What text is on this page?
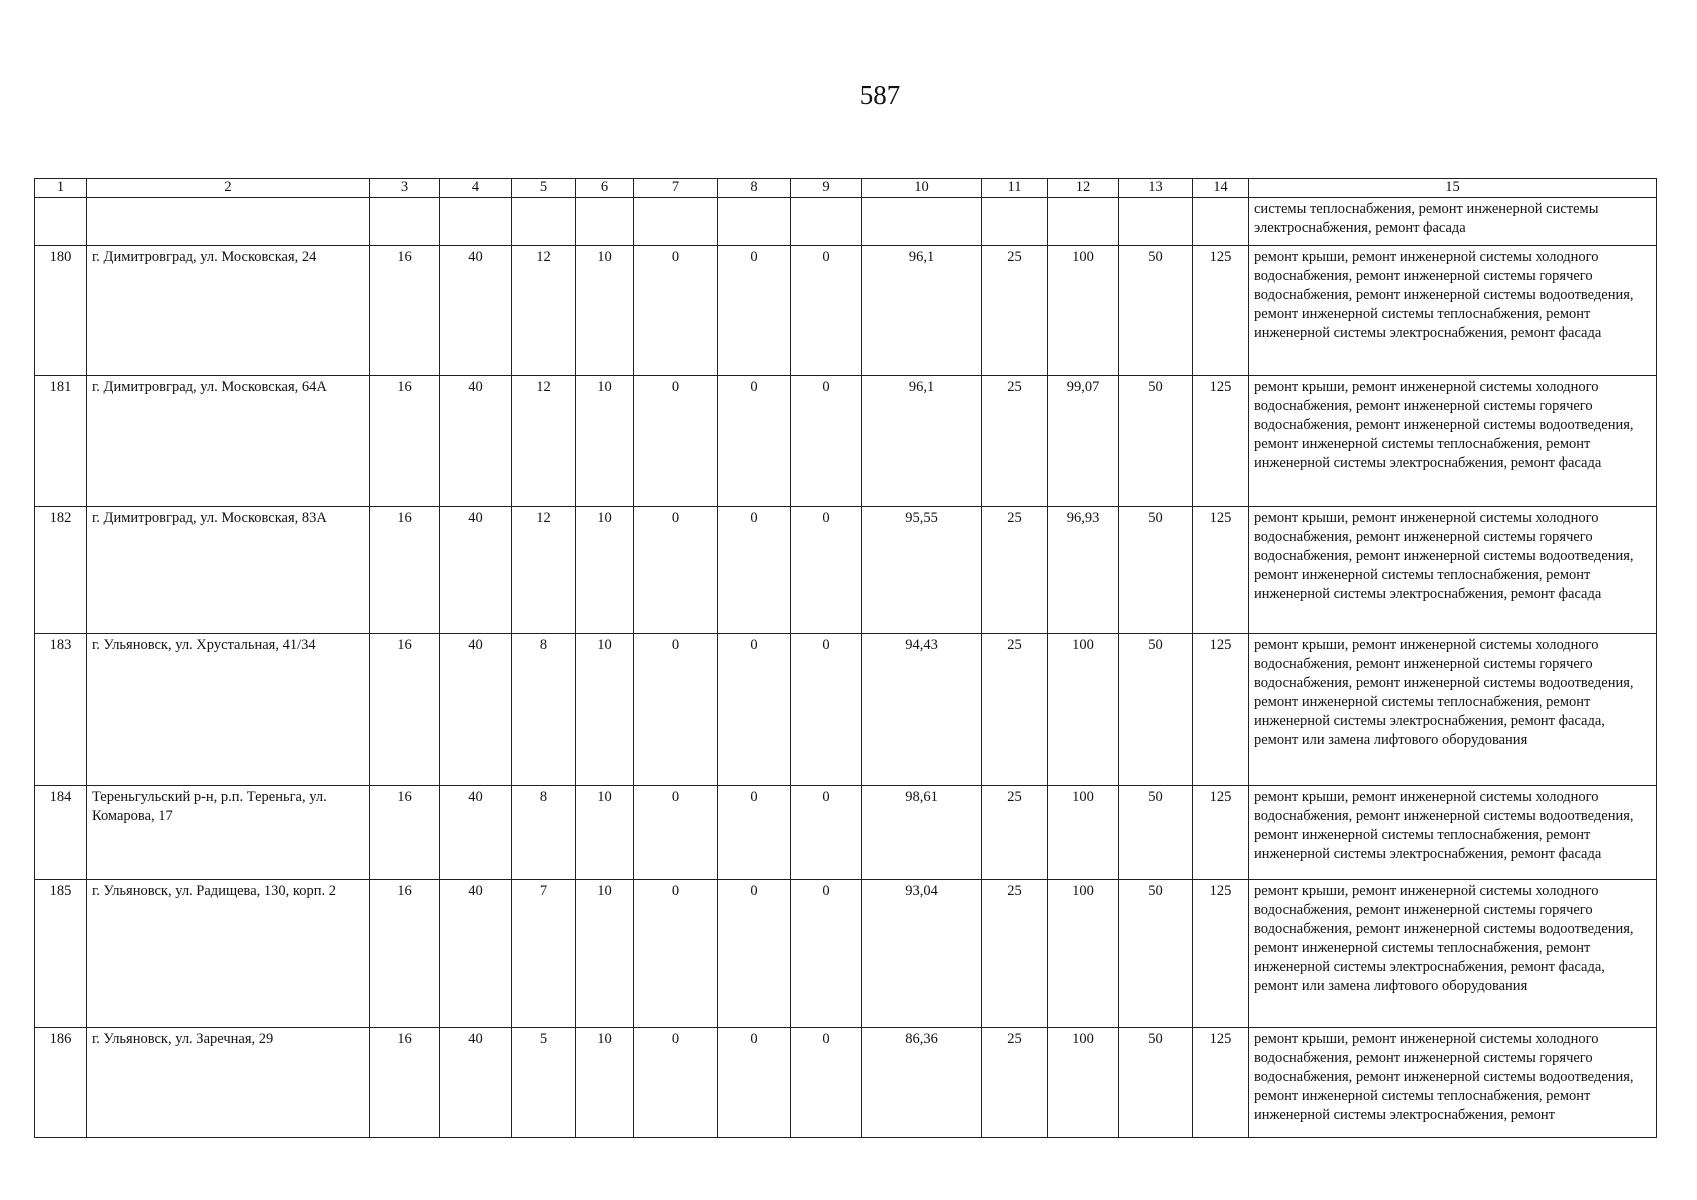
587
1	2	3	4	5	6	7	8	9	10	11	12	13	14	15
														системы теплоснабжения, ремонт инженерной системы электроснабжения, ремонт фасада
180	г. Димитровград, ул. Московская, 24	16	40	12	10	0	0	0	96,1	25	100	50	125	ремонт крыши, ремонт инженерной системы холодного водоснабжения, ремонт инженерной системы горячего водоснабжения, ремонт инженерной системы водоотведения, ремонт инженерной системы теплоснабжения, ремонт инженерной системы электроснабжения, ремонт фасада
181	г. Димитровград, ул. Московская, 64А	16	40	12	10	0	0	0	96,1	25	99,07	50	125	ремонт крыши, ремонт инженерной системы холодного водоснабжения, ремонт инженерной системы горячего водоснабжения, ремонт инженерной системы водоотведения, ремонт инженерной системы теплоснабжения, ремонт инженерной системы электроснабжения, ремонт фасада
182	г. Димитровград, ул. Московская, 83А	16	40	12	10	0	0	0	95,55	25	96,93	50	125	ремонт крыши, ремонт инженерной системы холодного водоснабжения, ремонт инженерной системы горячего водоснабжения, ремонт инженерной системы водоотведения, ремонт инженерной системы теплоснабжения, ремонт инженерной системы электроснабжения, ремонт фасада
183	г. Ульяновск, ул. Хрустальная, 41/34	16	40	8	10	0	0	0	94,43	25	100	50	125	ремонт крыши, ремонт инженерной системы холодного водоснабжения, ремонт инженерной системы горячего водоснабжения, ремонт инженерной системы водоотведения, ремонт инженерной системы теплоснабжения, ремонт инженерной системы электроснабжения, ремонт фасада, ремонт или замена лифтового оборудования
184	Тереньгульский р-н, р.п. Тереньга, ул. Комарова, 17	16	40	8	10	0	0	0	98,61	25	100	50	125	ремонт крыши, ремонт инженерной системы холодного водоснабжения, ремонт инженерной системы водоотведения, ремонт инженерной системы теплоснабжения, ремонт инженерной системы электроснабжения, ремонт фасада
185	г. Ульяновск, ул. Радищева, 130, корп. 2	16	40	7	10	0	0	0	93,04	25	100	50	125	ремонт крыши, ремонт инженерной системы холодного водоснабжения, ремонт инженерной системы горячего водоснабжения, ремонт инженерной системы водоотведения, ремонт инженерной системы теплоснабжения, ремонт инженерной системы электроснабжения, ремонт фасада, ремонт или замена лифтового оборудования
186	г. Ульяновск, ул. Заречная, 29	16	40	5	10	0	0	0	86,36	25	100	50	125	ремонт крыши, ремонт инженерной системы холодного водоснабжения, ремонт инженерной системы горячего водоснабжения, ремонт инженерной системы водоотведения, ремонт инженерной системы теплоснабжения, ремонт инженерной системы электроснабжения, ремонт
